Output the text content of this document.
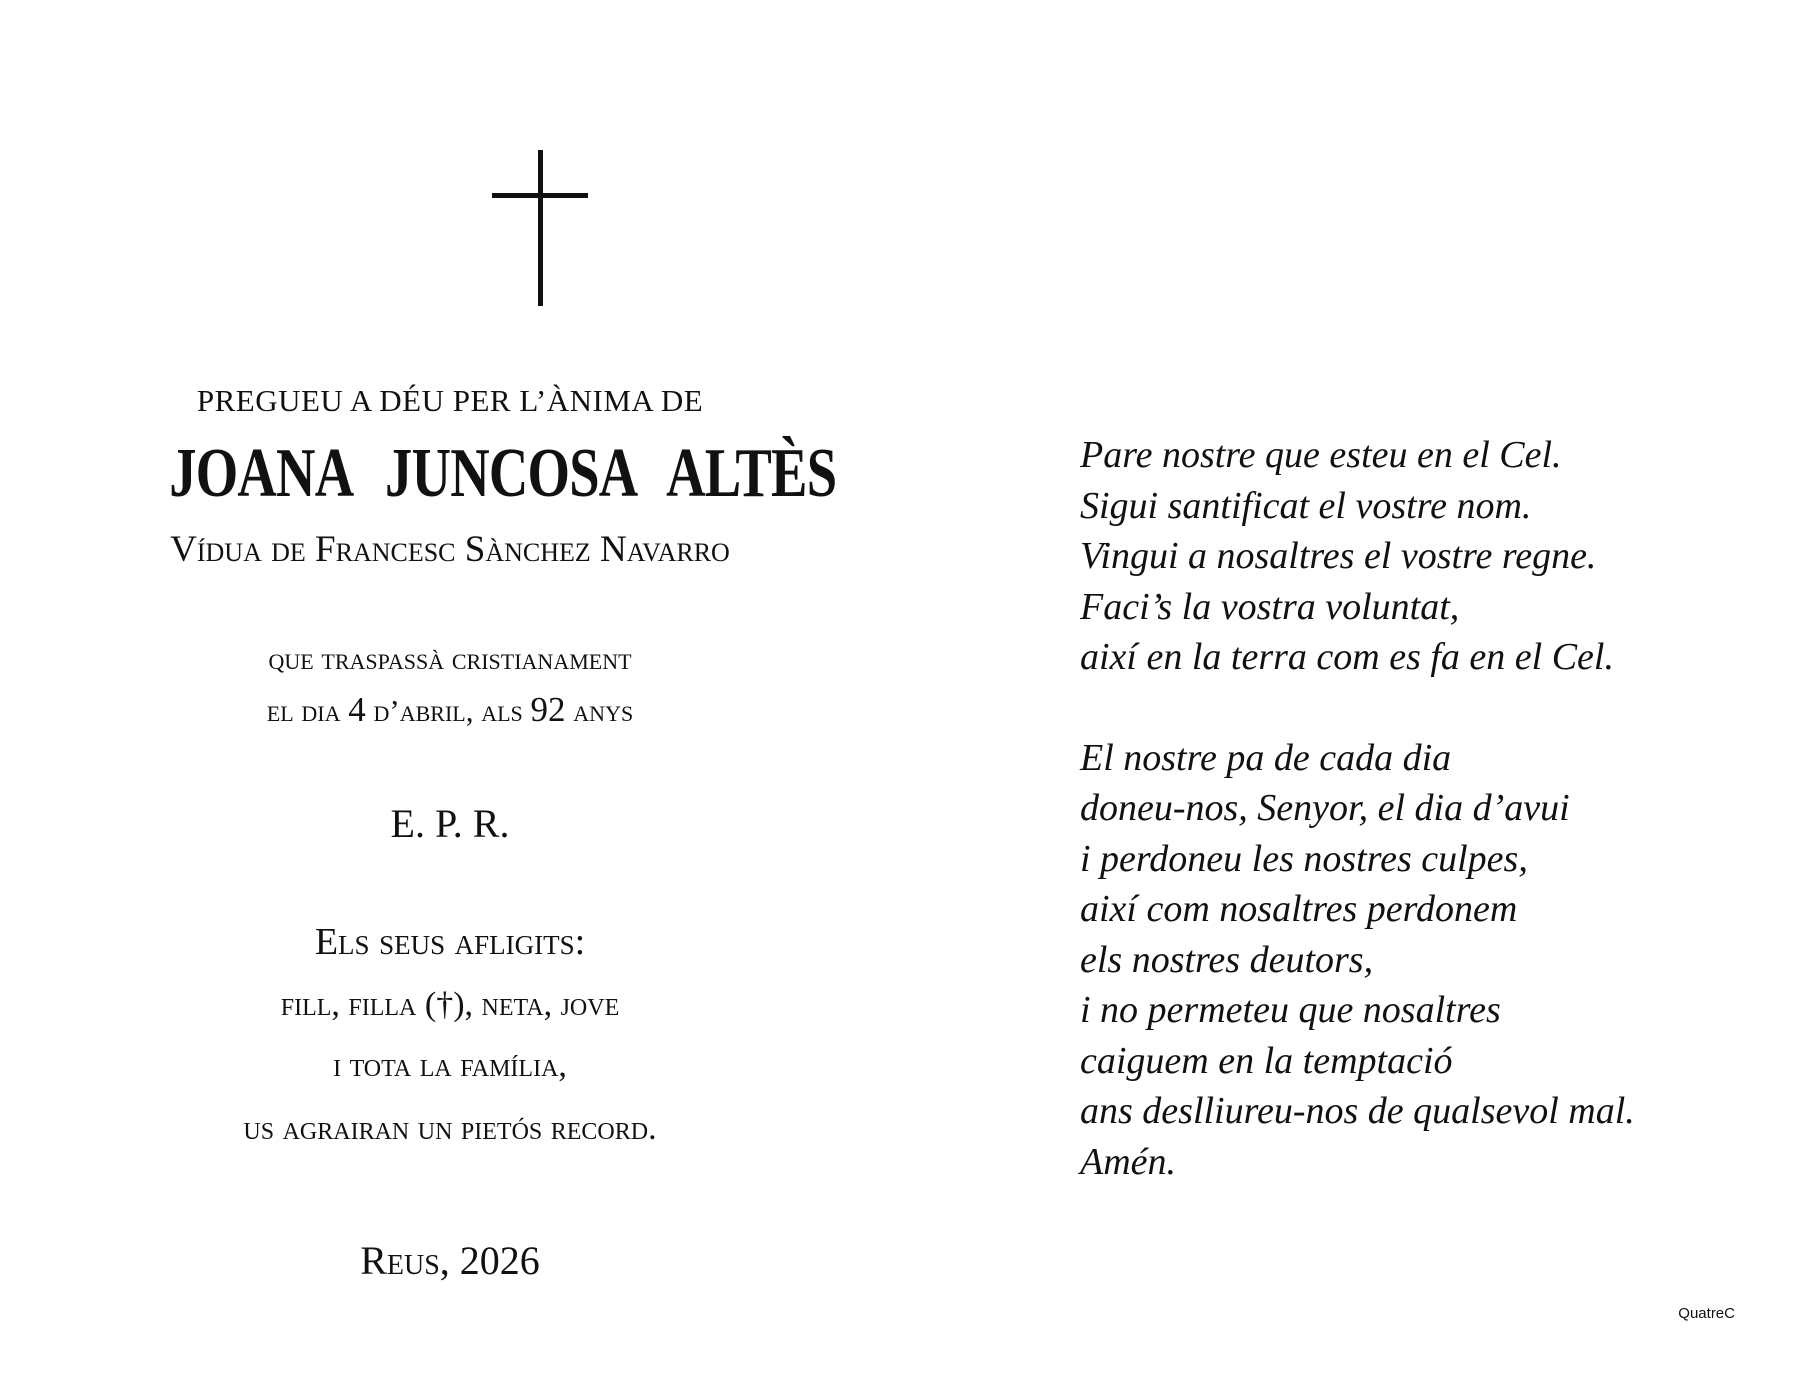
PREGUEU A DÉU PER L’ÀNIMA DE
JOANA JUNCOSA ALTÈS
Vídua de Francesc Sànchez Navarro
que traspassà cristianament
el dia 4 d’abril, als 92 anys
E. P. R.
Els seus afligits:
fill, filla (†), neta, jove
i tota la família,
us agrairan un pietós record.
Reus, 2026
Pare nostre que esteu en el Cel.
Sigui santificat el vostre nom.
Vingui a nosaltres el vostre regne.
Faci’s la vostra voluntat,
així en la terra com es fa en el Cel.
El nostre pa de cada dia
doneu-nos, Senyor, el dia d’avui
i perdoneu les nostres culpes,
així com nosaltres perdonem
els nostres deutors,
i no permeteu que nosaltres
caiguem en la temptació
ans deslliureu-nos de qualsevol mal.
Amén.
QuatreC
